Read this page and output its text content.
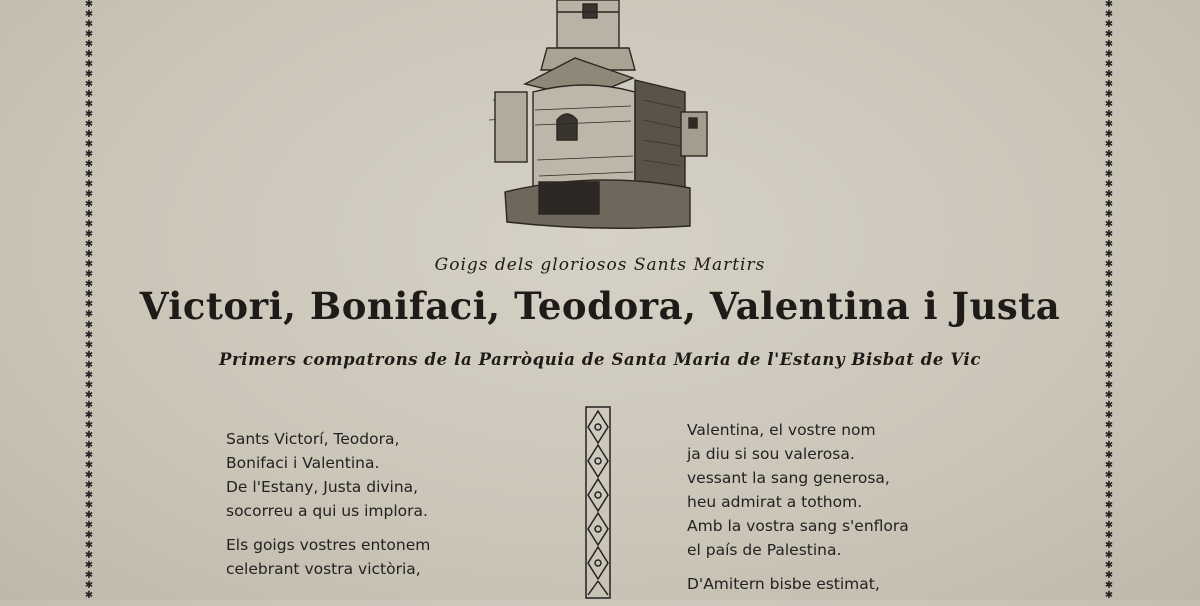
✱
✱
✱
✱
✱
✱
✱
✱
✱
✱
✱
✱
✱
✱
✱
✱
✱
✱
✱
✱
✱
✱
✱
✱
✱
✱
✱
✱
✱
✱
✱
✱
✱
✱
✱
✱
✱
✱
✱
✱
✱
✱
✱
✱
✱
✱
✱
✱
✱
✱
✱
✱
✱
✱
✱
✱
✱
✱
✱
✱
✱
✱
✱
✱
✱
✱
✱
✱
✱
✱
✱
✱
✱
✱
✱
✱
✱
✱
✱
✱
✱
✱
✱
✱
✱
✱
✱
✱
✱
✱
✱
✱
✱
✱
✱
✱
✱
✱
✱
✱
✱
✱
✱
✱
✱
✱
✱
✱
✱
✱
✱
✱
✱
✱
✱
✱
✱
✱
✱
✱
Goigs dels gloriosos Sants Martirs
Victori, Bonifaci, Teodora, Valentina i Justa
Primers compatrons de la Parròquia de Santa Maria de l'Estany Bisbat de Vic
Sants Victorí, Teodora,
Bonifaci i Valentina.
De l'Estany, Justa divina,
socorreu a qui us implora.
Els goigs vostres entonem
celebrant vostra victòria,
Valentina, el vostre nom
ja diu si sou valerosa.
vessant la sang generosa,
heu admirat a tothom.
Amb la vostra sang s'enflora
el país de Palestina.
D'Amitern bisbe estimat,
